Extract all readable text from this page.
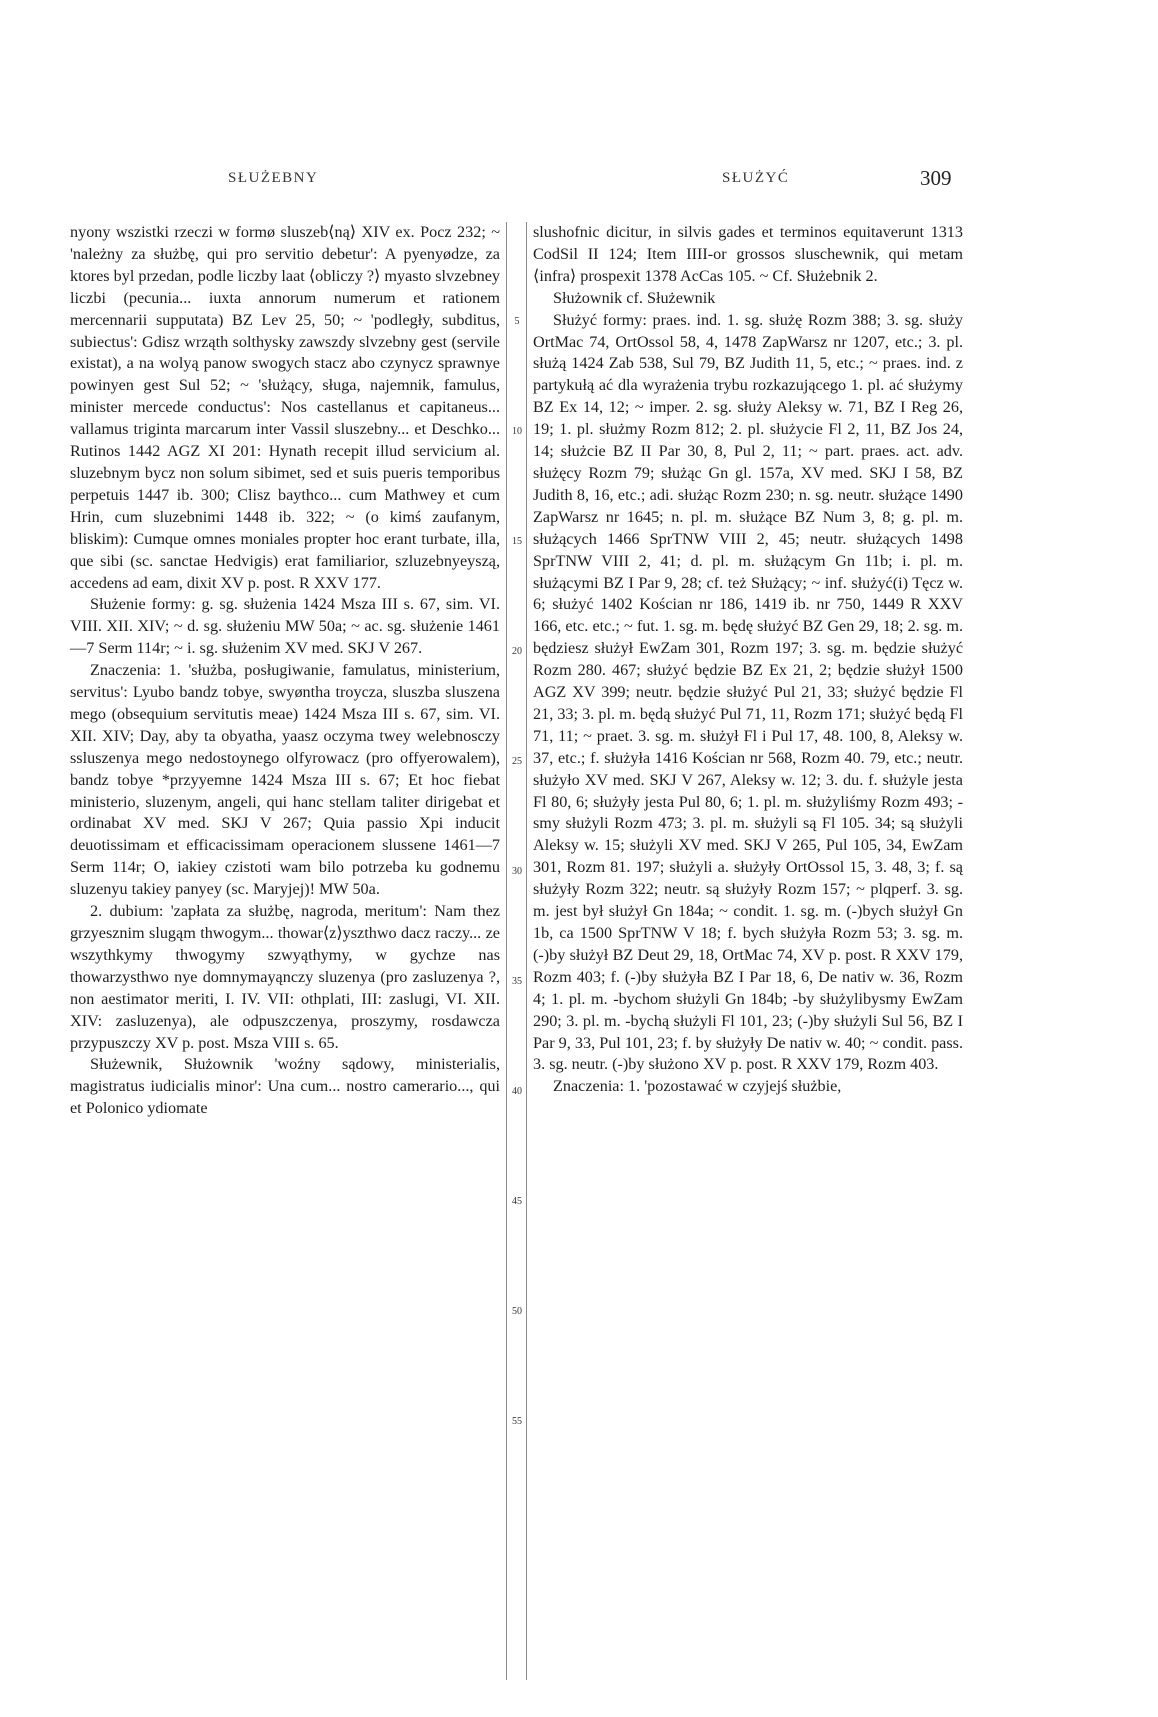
SŁUŻEBNY	SŁUŻYĆ	309

nyony wszistki rzeczi w formø sluszeb⟨ną⟩ XIV ex. Pocz 232; ~ 'należny za służbę, qui pro servitio debetur': A pyenyødze, za ktores byl przedan, podle liczby laat ⟨obliczy ?⟩ myasto slvzebney liczbi (pecunia... iuxta annorum numerum et rationem mercennarii supputata) BZ Lev 25, 50; ~ 'podległy, subditus, subiectus': Gdisz wrząth solthysky zawszdy slvzebny gest (servile existat), a na wolyą panow swogych stacz abo czynycz sprawnye powinyen gest Sul 52; ~ 'służący, sługa, najemnik, famulus, minister mercede conductus': Nos castellanus et capitaneus... vallamus triginta marcarum inter Vassil sluszebny... et Deschko... Rutinos 1442 AGZ XI 201: Hynath recepit illud servicium al. sluzebnym bycz non solum sibimet, sed et suis pueris temporibus perpetuis 1447 ib. 300; Clisz baythco... cum Mathwey et cum Hrin, cum sluzebnimi 1448 ib. 322; ~ (o kimś zaufanym, bliskim): Cumque omnes moniales propter hoc erant turbate, illa, que sibi (sc. sanctae Hedvigis) erat familiarior, szluzebnyeyszą, accedens ad eam, dixit XV p. post. R XXV 177.

Służenie formy: g. sg. służenia 1424 Msza III s. 67, sim. VI. VIII. XII. XIV; ~ d. sg. służeniu MW 50a; ~ ac. sg. służenie 1461—7 Serm 114r; ~ i. sg. służenim XV med. SKJ V 267.

Znaczenia: 1. 'służba, posługiwanie, famulatus, ministerium, servitus': Lyubo bandz tobye, swyøntha troycza, sluszba sluszena mego (obsequium servitutis meae) 1424 Msza III s. 67, sim. VI. XII. XIV; Day, aby ta obyatha, yaasz oczyma twey welebnosczy ssluszenya mego nedostoynego olfyrowacz (pro offyerowalem), bandz tobye *przyyemne 1424 Msza III s. 67; Et hoc fiebat ministerio, sluzenym, angeli, qui hanc stellam taliter dirigebat et ordinabat XV med. SKJ V 267; Quia passio Xpi inducit deuotissimam et efficacissimam operacionem slussene 1461—7 Serm 114r; O, iakiey czistoti wam bilo potrzeba ku godnemu sluzenyu takiey panyey (sc. Maryjej)! MW 50a.

2. dubium: 'zapłata za służbę, nagroda, meritum': Nam thez grzyesznim slugąm thwogym... thowar⟨z⟩yszthwo dacz raczy... ze wszythkymy thwogymy szwyąthymy, w gychze nas thowarzysthwo nye domnymayąnczy sluzenya (pro zasluzenya ?, non aestimator meriti, I. IV. VII: othplati, III: zaslugi, VI. XII. XIV: zasluzenya), ale odpuszczenya, proszymy, rosdawcza przypuszczy XV p. post. Msza VIII s. 65.

Służewnik, Służownik 'woźny sądowy, ministerialis, magistratus iudicialis minor': Una cum... nostro camerario..., qui et Polonico ydiomate

5
10
15
20
25
30
35
40
45
50
55

slushofnic dicitur, in silvis gades et terminos equitaverunt 1313 CodSil II 124; Item IIII-or grossos sluschewnik, qui metam ⟨infra⟩ prospexit 1378 AcCas 105. ~ Cf. Służebnik 2.

Służownik cf. Służewnik

Służyć formy: praes. ind. 1. sg. służę Rozm 388; 3. sg. służy OrtMac 74, OrtOssol 58, 4, 1478 ZapWarsz nr 1207, etc.; 3. pl. służą 1424 Zab 538, Sul 79, BZ Judith 11, 5, etc.; ~ praes. ind. z partykułą ać dla wyrażenia trybu rozkazującego 1. pl. ać służymy BZ Ex 14, 12; ~ imper. 2. sg. służy Aleksy w. 71, BZ I Reg 26, 19; 1. pl. służmy Rozm 812; 2. pl. służycie Fl 2, 11, BZ Jos 24, 14; służcie BZ II Par 30, 8, Pul 2, 11; ~ part. praes. act. adv. służęcy Rozm 79; służąc Gn gl. 157a, XV med. SKJ I 58, BZ Judith 8, 16, etc.; adi. służąc Rozm 230; n. sg. neutr. służące 1490 ZapWarsz nr 1645; n. pl. m. służące BZ Num 3, 8; g. pl. m. służących 1466 SprTNW VIII 2, 45; neutr. służących 1498 SprTNW VIII 2, 41; d. pl. m. służącym Gn 11b; i. pl. m. służącymi BZ I Par 9, 28; cf. też Służący; ~ inf. służyć(i) Tęcz w. 6; służyć 1402 Kościan nr 186, 1419 ib. nr 750, 1449 R XXV 166, etc. etc.; ~ fut. 1. sg. m. będę służyć BZ Gen 29, 18; 2. sg. m. będziesz służył EwZam 301, Rozm 197; 3. sg. m. będzie służyć Rozm 280. 467; służyć będzie BZ Ex 21, 2; będzie służył 1500 AGZ XV 399; neutr. będzie służyć Pul 21, 33; służyć będzie Fl 21, 33; 3. pl. m. będą służyć Pul 71, 11, Rozm 171; służyć będą Fl 71, 11; ~ praet. 3. sg. m. służył Fl i Pul 17, 48. 100, 8, Aleksy w. 37, etc.; f. służyła 1416 Kościan nr 568, Rozm 40. 79, etc.; neutr. służyło XV med. SKJ V 267, Aleksy w. 12; 3. du. f. służyle jesta Fl 80, 6; służyły jesta Pul 80, 6; 1. pl. m. służyliśmy Rozm 493; -smy służyli Rozm 473; 3. pl. m. służyli są Fl 105. 34; są służyli Aleksy w. 15; służyli XV med. SKJ V 265, Pul 105, 34, EwZam 301, Rozm 81. 197; służyli a. służyły OrtOssol 15, 3. 48, 3; f. są służyły Rozm 322; neutr. są służyły Rozm 157; ~ plqperf. 3. sg. m. jest był służył Gn 184a; ~ condit. 1. sg. m. (-)bych służył Gn 1b, ca 1500 SprTNW V 18; f. bych służyła Rozm 53; 3. sg. m. (-)by służył BZ Deut 29, 18, OrtMac 74, XV p. post. R XXV 179, Rozm 403; f. (-)by służyła BZ I Par 18, 6, De nativ w. 36, Rozm 4; 1. pl. m. -bychom służyli Gn 184b; -by służylibysmy EwZam 290; 3. pl. m. -bychą służyli Fl 101, 23; (-)by służyli Sul 56, BZ I Par 9, 33, Pul 101, 23; f. by służyły De nativ w. 40; ~ condit. pass. 3. sg. neutr. (-)by służono XV p. post. R XXV 179, Rozm 403.

Znaczenia: 1. 'pozostawać w czyjejś służbie,
